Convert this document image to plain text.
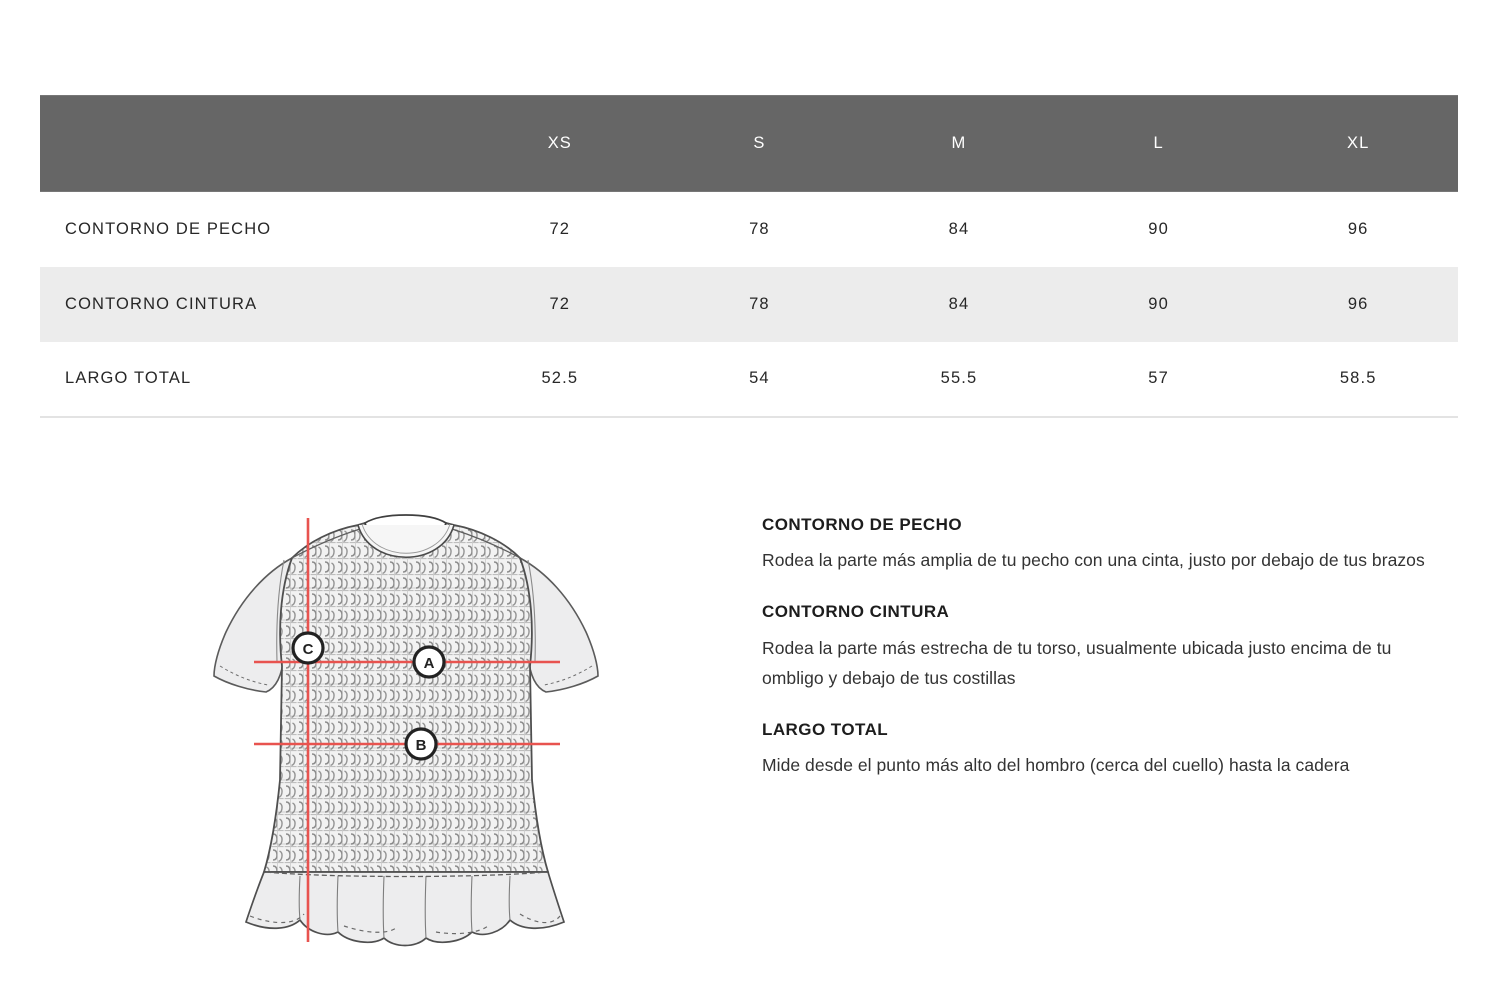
	XS	S	M	L	XL
CONTORNO DE PECHO	72	78	84	90	96
CONTORNO CINTURA	72	78	84	90	96
LARGO TOTAL	52.5	54	55.5	57	58.5
C
A
B
CONTORNO DE PECHO

Rodea la parte más amplia de tu pecho con una cinta, justo por debajo de tus brazos

CONTORNO CINTURA

Rodea la parte más estrecha de tu torso, usualmente ubicada justo encima de tu ombligo y debajo de tus costillas

LARGO TOTAL

Mide desde el punto más alto del hombro (cerca del cuello) hasta la cadera
